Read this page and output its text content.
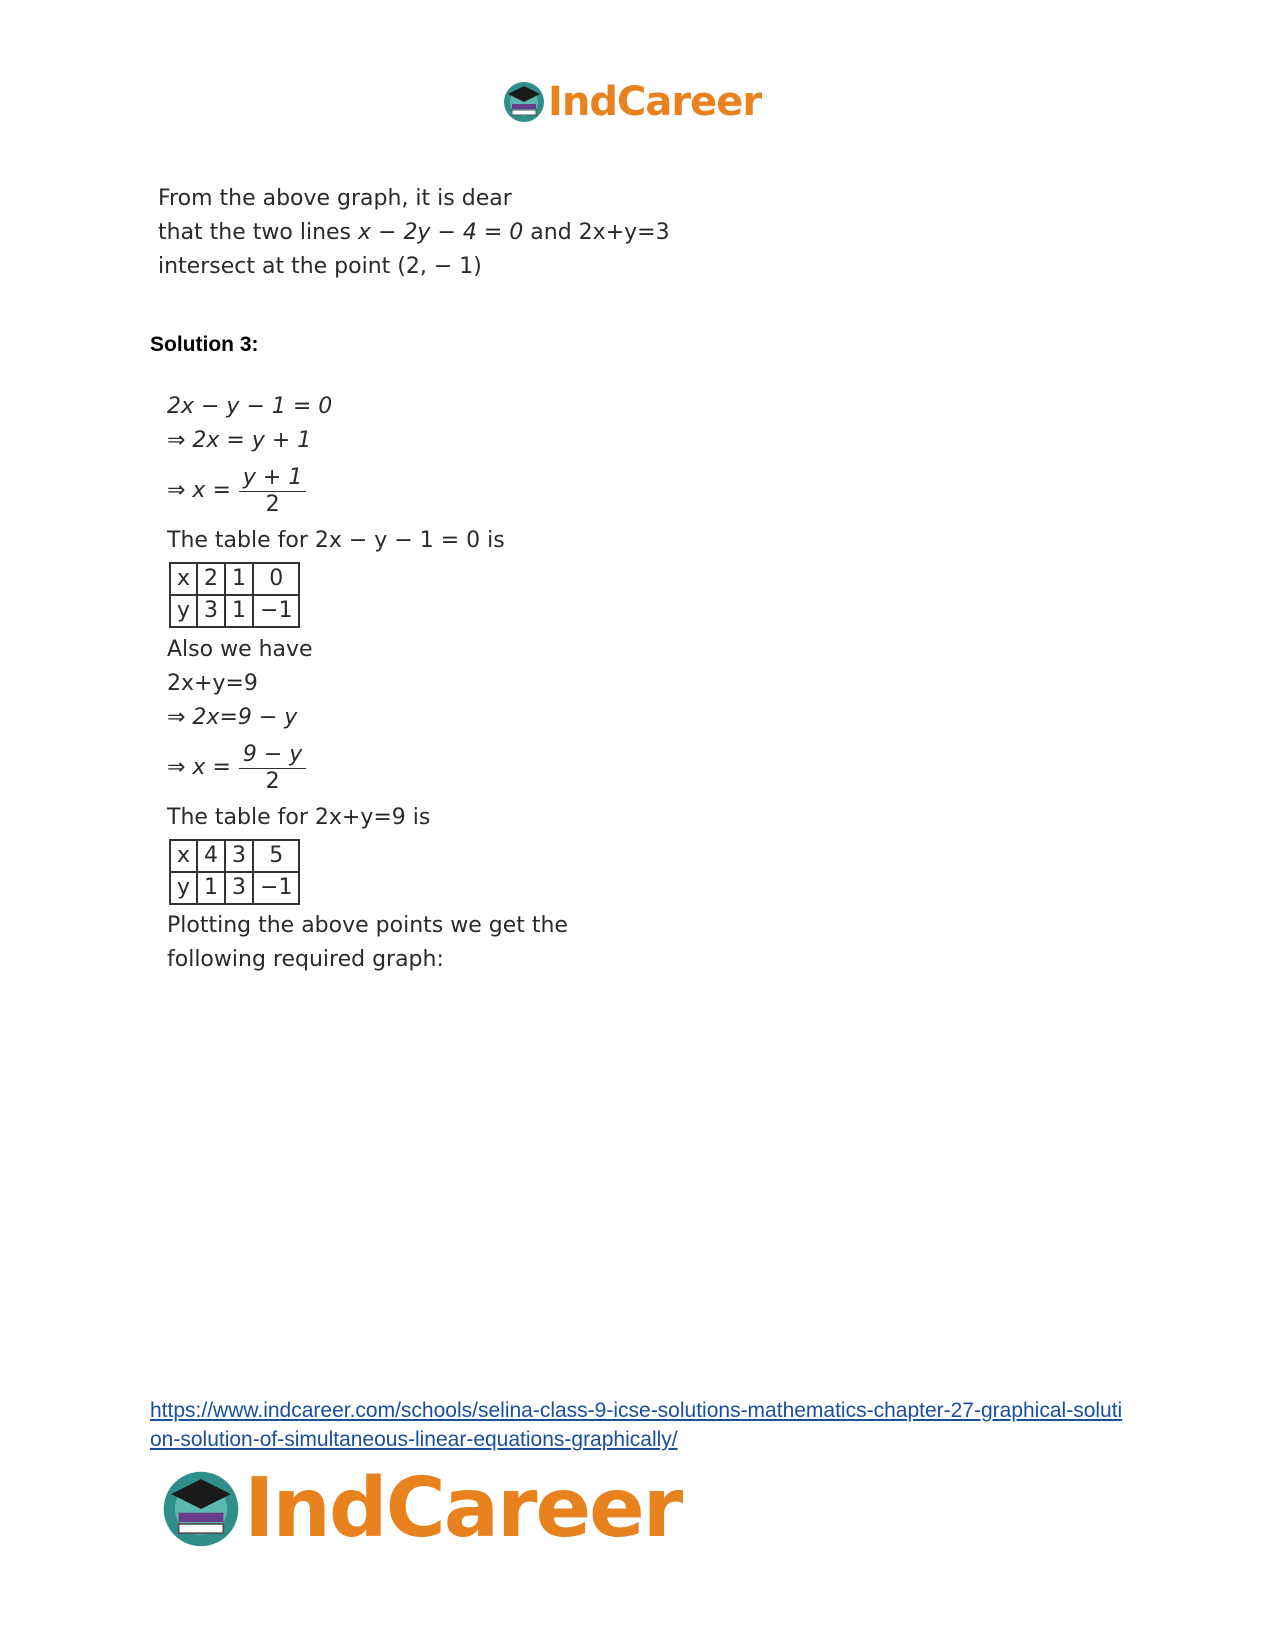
IndCareer
From the above graph, it is dear
that the two lines x − 2y − 4 = 0 and 2x+y=3
intersect at the point (2, − 1)
Solution 3:
2x − y − 1 = 0
⇒ 2x = y + 1
⇒ $x = \frac{y + 1}{2}$
The table for 2x − y − 1 = 0 is
x	2	1	0
y	3	1	−1
Also we have
2x+y=9
⇒ 2x=9 − y
⇒ $x = \frac{9 - y}{2}$
The table for 2x+y=9 is
x	4	3	5
y	1	3	−1
Plotting the above points we get the
following required graph:
https://www.indcareer.com/schools/selina-class-9-icse-solutions-mathematics-chapter-27-graphical-solution-solution-of-simultaneous-linear-equations-graphically/
IndCareer
